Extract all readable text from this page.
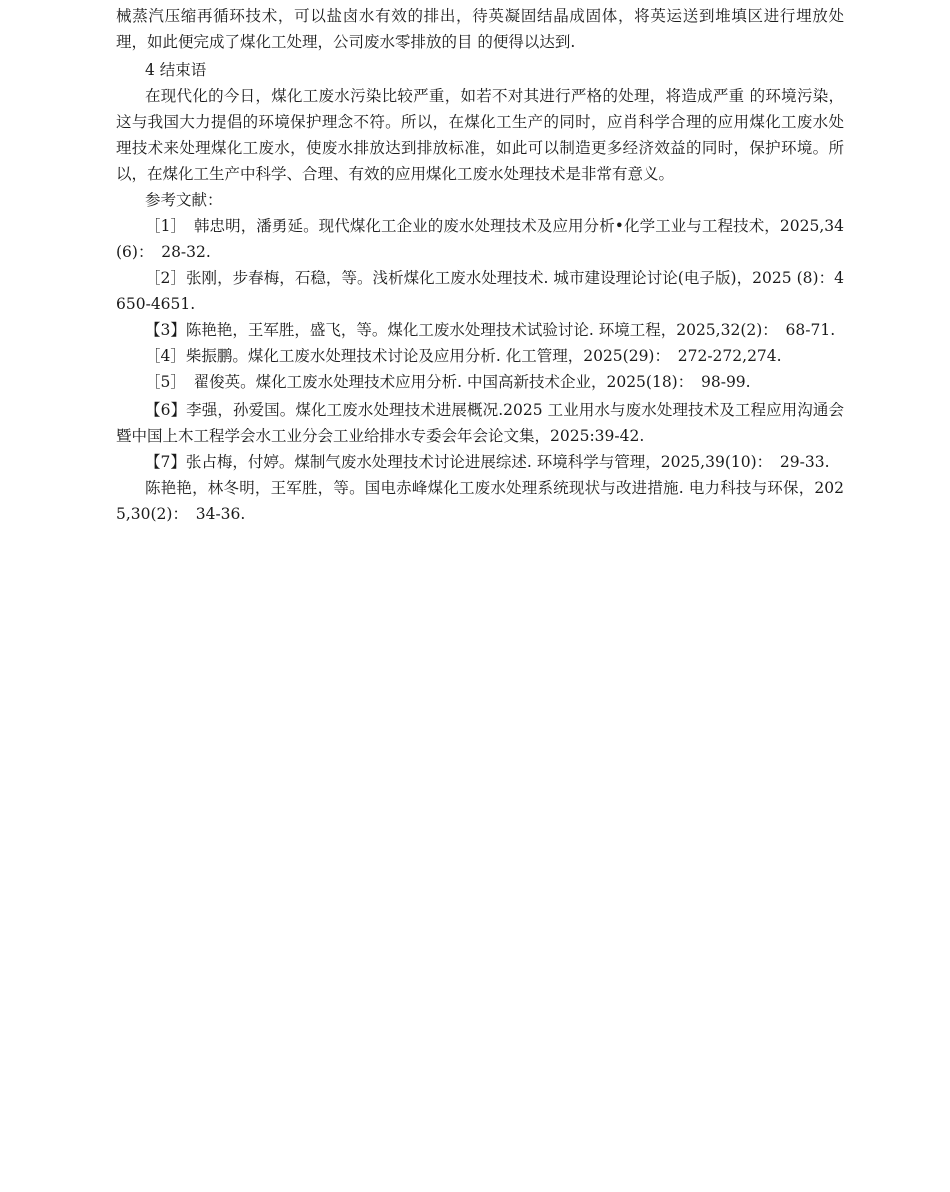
械蒸汽压缩再循环技术，可以盐卤水有效的排出，待英凝固结晶成固体，将英运送到堆填区进行埋放处理，如此便完成了煤化工处理，公司废水零排放的目 的便得以达到.

4 结束语

在现代化的今日，煤化工废水污染比较严重，如若不对其进行严格的处理，将造成严重 的环境污染，这与我国大力提倡的环境保护理念不符。所以，在煤化工生产的同时，应肖科学合理的应用煤化工废水处理技术来处理煤化工废水，使废水排放达到排放标准，如此可以制造更多经济效益的同时，保护环境。所以，在煤化工生产中科学、合理、有效的应用煤化工废水处理技术是非常有意义。

参考文献：

［1］　韩忠明，潘勇延。现代煤化工企业的废水处理技术及应用分析•化学工业与工程技术，2025,34(6)：　28-32.

［2］张刚，步春梅，石稳，等。浅析煤化工废水处理技术. 城市建设理论讨论(电子版)，2025 (8)：4650-4651.

【3】陈艳艳，王军胜，盛飞，等。煤化工废水处理技术试验讨论. 环境工程，2025,32(2)：　68-71.

［4］柴振鹏。煤化工废水处理技术讨论及应用分析. 化工管理，2025(29)：　272-272,274.

［5］　翟俊英。煤化工废水处理技术应用分析. 中国高新技术企业，2025(18)：　98-99.

【6】李强，孙爱国。煤化工废水处理技术进展概况.2025 工业用水与废水处理技术及工程应用沟通会暨中国上木工程学会水工业分会工业给排水专委会年会论文集，2025:39-42.

【7】张占梅，付婷。煤制气废水处理技术讨论进展综述. 环境科学与管理，2025,39(10)：　29-33.

陈艳艳，林冬明，王军胜，等。国电赤峰煤化工废水处理系统现状与改进措施. 电力科技与环保，2025,30(2)：　34-36.
